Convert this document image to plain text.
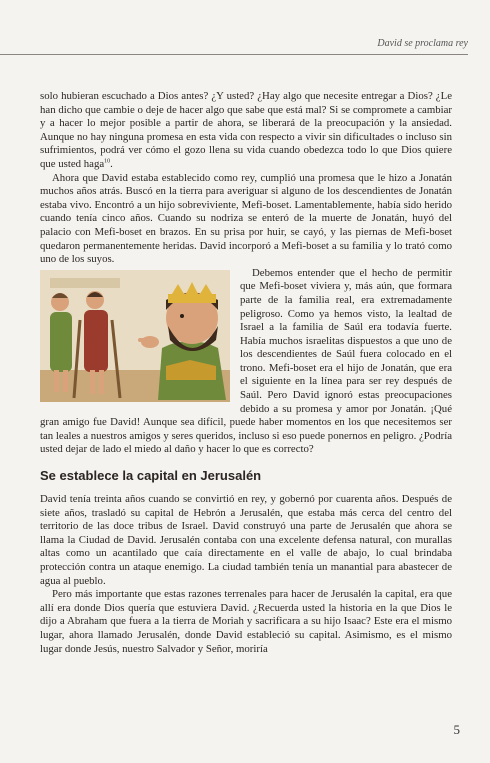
David se proclama rey

solo hubieran escuchado a Dios antes? ¿Y usted? ¿Hay algo que necesite entregar a Dios? ¿Le han dicho que cambie o deje de hacer algo que sabe que está mal? Si se compromete a cambiar y a hacer lo mejor posible a partir de ahora, se liberará de la preocupación y la ansiedad. Aunque no hay ninguna promesa en esta vida con respecto a vivir sin dificultades o incluso sin sufrimientos, podrá ver cómo el gozo llena su vida cuando obedezca todo lo que Dios quiere que usted haga$^{10}$.

Ahora que David estaba establecido como rey, cumplió una promesa que le hizo a Jonatán muchos años atrás. Buscó en la tierra para averiguar si alguno de los descendientes de Jonatán estaba vivo. Encontró a un hijo sobreviviente, Mefi-boset. Lamentablemente, había sido herido cuando tenía cinco años. Cuando su nodriza se enteró de la muerte de Jonatán, huyó del palacio con Mefi-boset en brazos. En su prisa por huir, se cayó, y las piernas de Mefi-boset quedaron permanentemente heridas. David incorporó a Mefi-boset a su familia y lo trató como uno de los suyos.

Debemos entender que el hecho de permitir que Mefi-boset viviera y, más aún, que formara parte de la familia real, era extremadamente peligroso. Como ya hemos visto, la lealtad de Israel a la familia de Saúl era todavía fuerte. Había muchos israelitas dispuestos a que uno de los descendientes de Saúl fuera colocado en el trono. Mefi-boset era el hijo de Jonatán, que era el siguiente en la línea para ser rey después de Saúl. Pero David ignoró estas preocupaciones debido a su promesa y amor por Jonatán. ¡Qué gran amigo fue David! Aunque sea difícil, puede haber momentos en los que necesitemos ser tan leales a nuestros amigos y seres queridos, incluso si eso puede ponernos en peligro. ¿Podría usted dejar de lado el miedo al daño y hacer lo que es correcto?

Se establece la capital en Jerusalén

David tenía treinta años cuando se convirtió en rey, y gobernó por cuarenta años. Después de siete años, trasladó su capital de Hebrón a Jerusalén, que estaba más cerca del centro del territorio de las doce tribus de Israel. David construyó una parte de Jerusalén que ahora se llama la Ciudad de David. Jerusalén contaba con una excelente defensa natural, con murallas altas como un acantilado que caía directamente en el valle de abajo, lo cual brindaba protección contra un ataque enemigo. La ciudad también tenía un manantial para abastecer de agua al pueblo.

Pero más importante que estas razones terrenales para hacer de Jerusalén la capital, era que allí era donde Dios quería que estuviera David. ¿Recuerda usted la historia en la que Dios le dijo a Abraham que fuera a la tierra de Moriah y sacrificara a su hijo Isaac? Este era el mismo lugar, ahora llamado Jerusalén, donde David estableció su capital. Asimismo, es el mismo lugar donde Jesús, nuestro Salvador y Señor, moriría

5
